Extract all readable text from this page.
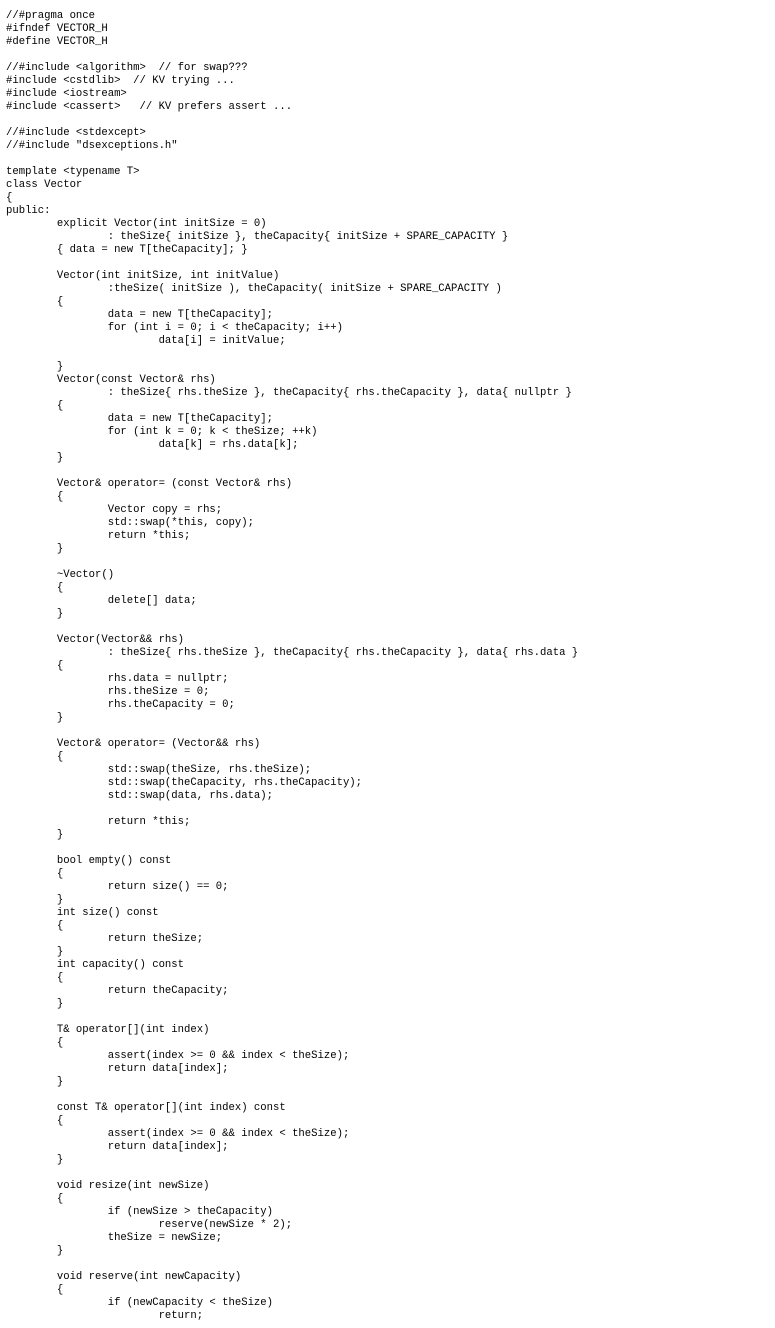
//#pragma once
#ifndef VECTOR_H
#define VECTOR_H
//#include <algorithm>  // for swap???
#include <cstdlib>  // KV trying ...
#include <iostream>
#include <cassert>   // KV prefers assert ...
//#include <stdexcept>
//#include "dsexceptions.h"
template <typename T>
class Vector
{
public:
	explicit Vector(int initSize = 0)
		: theSize{ initSize }, theCapacity{ initSize + SPARE_CAPACITY }
	{ data = new T[theCapacity]; }
	Vector(int initSize, int initValue)
		:theSize( initSize ), theCapacity( initSize + SPARE_CAPACITY )
	{
		data = new T[theCapacity];
		for (int i = 0; i < theCapacity; i++)
			data[i] = initValue;
	}
	Vector(const Vector& rhs)
		: theSize{ rhs.theSize }, theCapacity{ rhs.theCapacity }, data{ nullptr }
	{
		data = new T[theCapacity];
		for (int k = 0; k < theSize; ++k)
			data[k] = rhs.data[k];
	}
	Vector& operator= (const Vector& rhs)
	{
		Vector copy = rhs;
		std::swap(*this, copy);
		return *this;
	}
	~Vector()
	{
		delete[] data;
	}
	Vector(Vector&& rhs)
		: theSize{ rhs.theSize }, theCapacity{ rhs.theCapacity }, data{ rhs.data }
	{
		rhs.data = nullptr;
		rhs.theSize = 0;
		rhs.theCapacity = 0;
	}
	Vector& operator= (Vector&& rhs)
	{
		std::swap(theSize, rhs.theSize);
		std::swap(theCapacity, rhs.theCapacity);
		std::swap(data, rhs.data);
		return *this;
	}
	bool empty() const
	{
		return size() == 0;
	}
	int size() const
	{
		return theSize;
	}
	int capacity() const
	{
		return theCapacity;
	}
	T& operator[](int index)
	{
		assert(index >= 0 && index < theSize);
		return data[index];
	}
	const T& operator[](int index) const
	{
		assert(index >= 0 && index < theSize);
		return data[index];
	}
	void resize(int newSize)
	{
		if (newSize > theCapacity)
			reserve(newSize * 2);
		theSize = newSize;
	}
	void reserve(int newCapacity)
	{
		if (newCapacity < theSize)
			return;
